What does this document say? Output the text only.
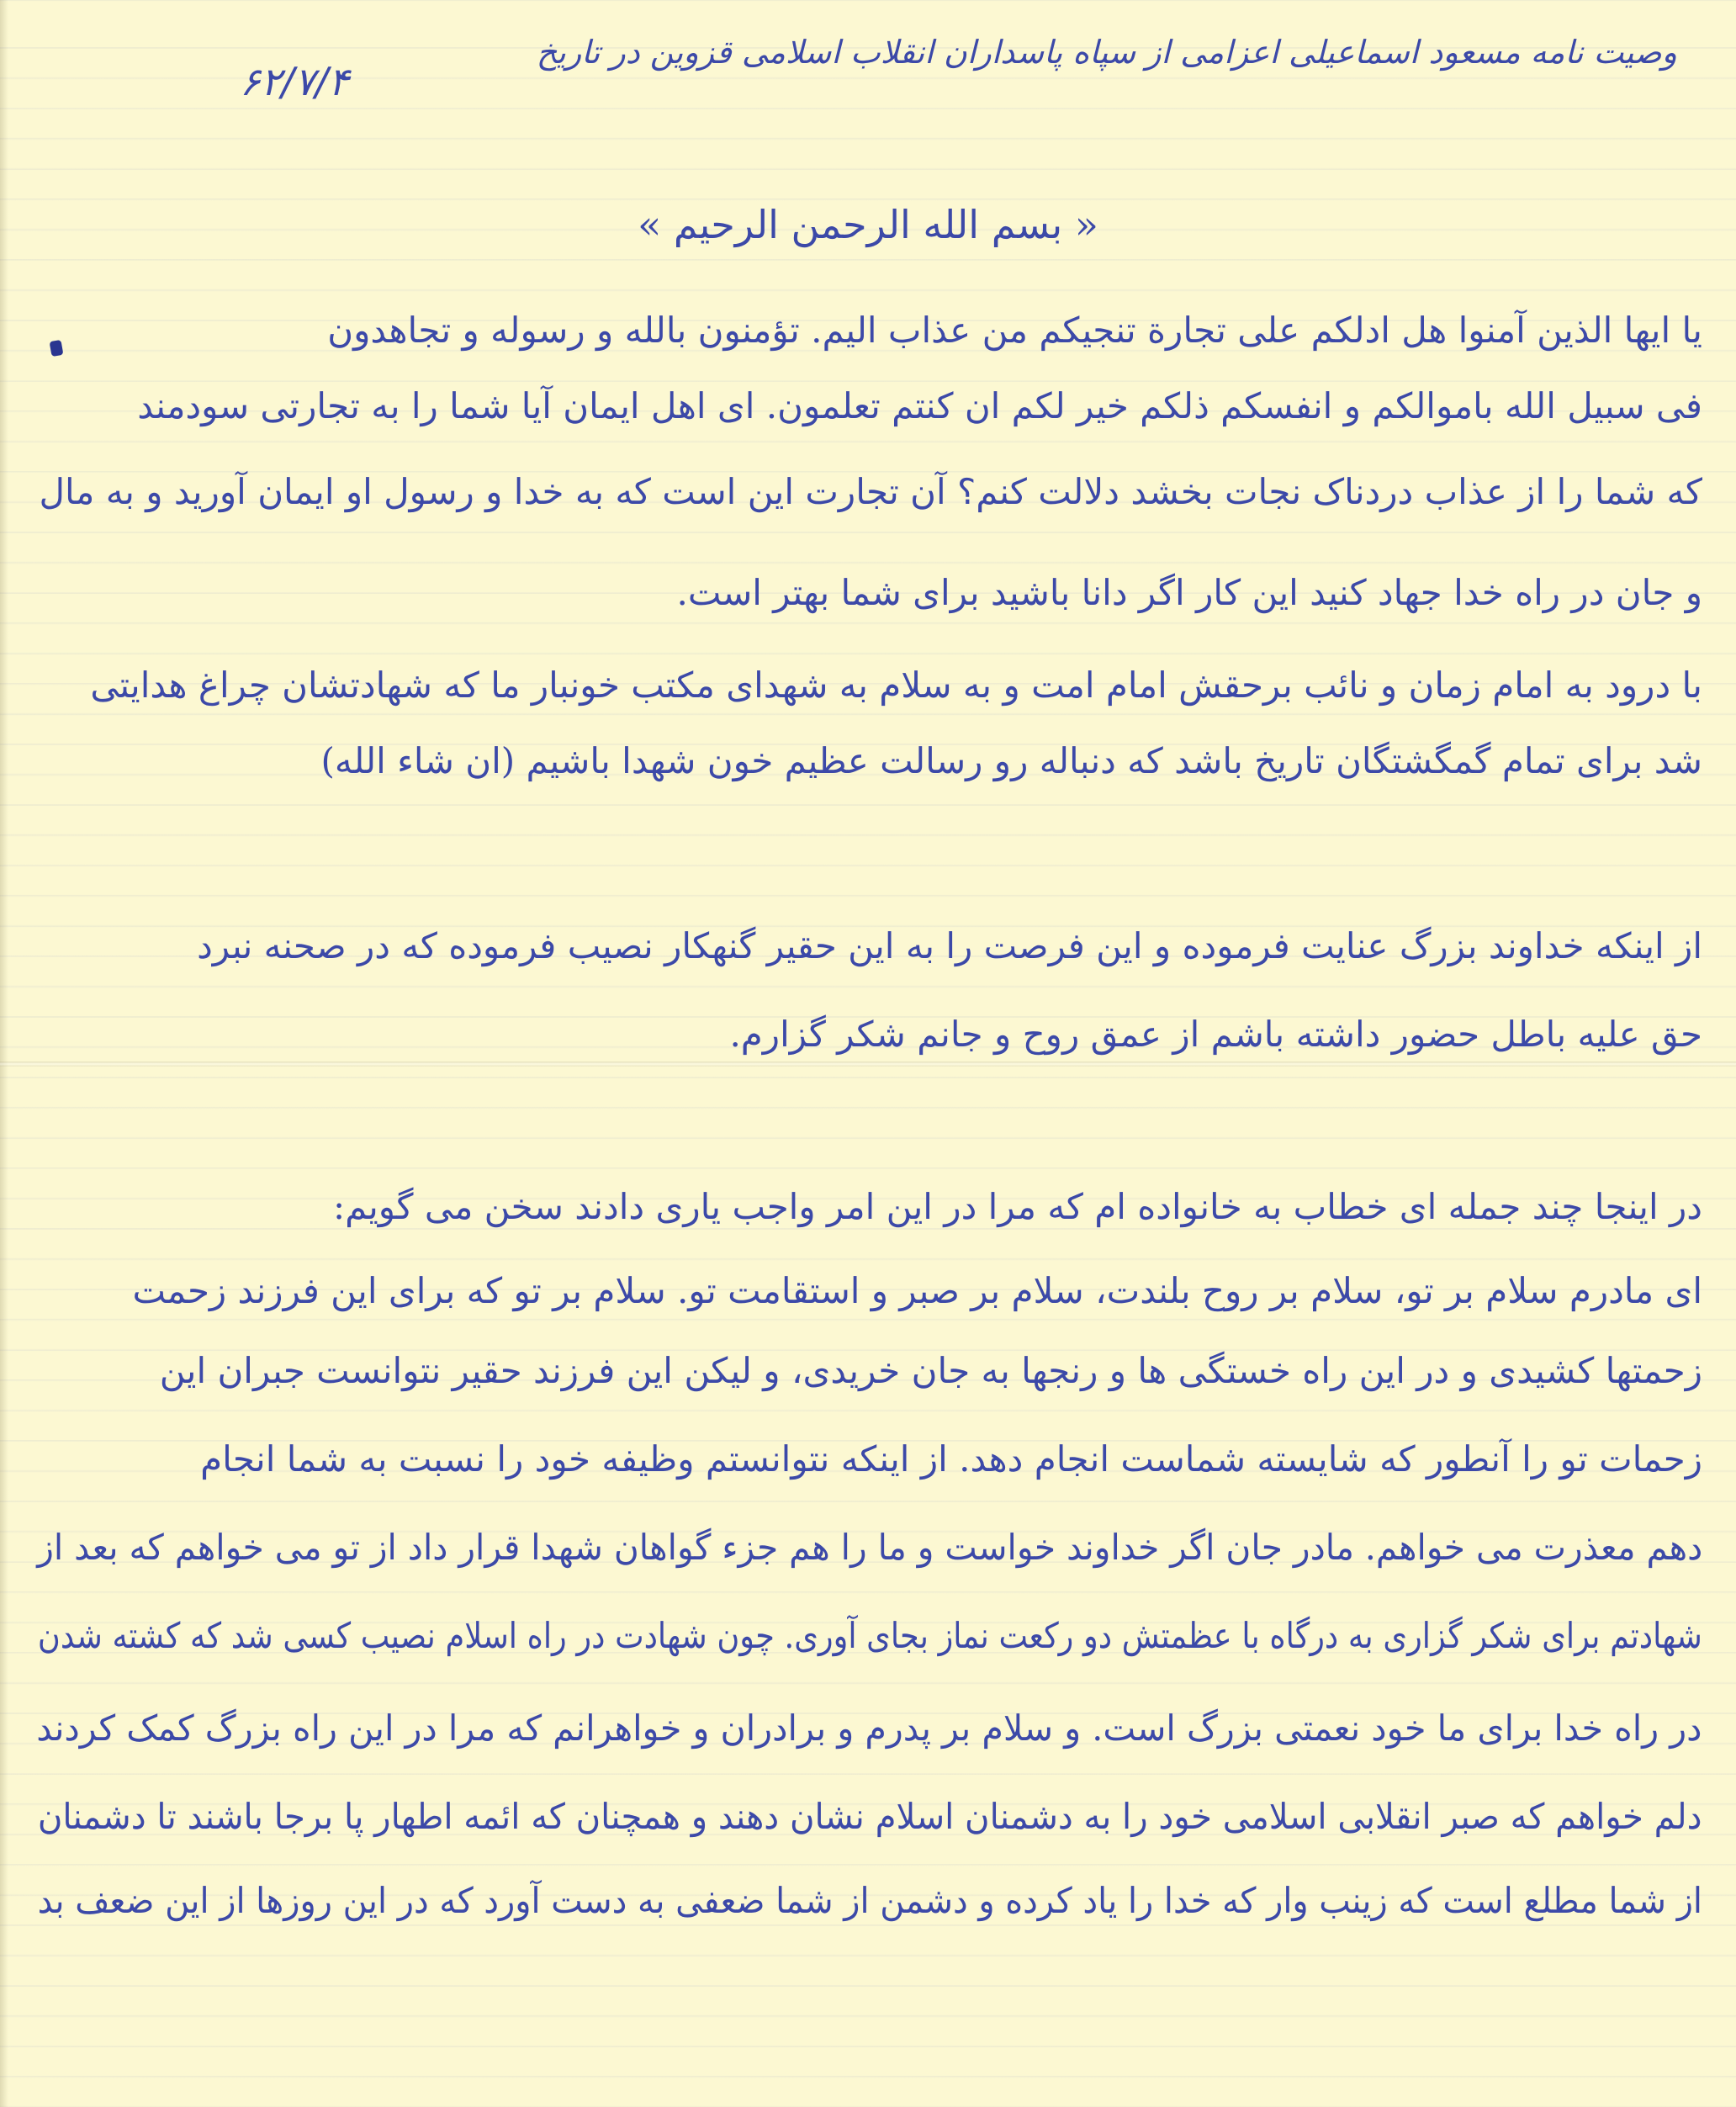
وصیت نامه مسعود اسماعیلی اعزامی از سپاه پاسداران انقلاب اسلامی قزوین در تاریخ
۶۲/۷/۴
« بسم الله الرحمن الرحیم »
یا ایها الذین آمنوا هل ادلکم علی تجارة تنجیکم من عذاب الیم. تؤمنون بالله و رسوله و تجاهدون
فی سبیل الله باموالکم و انفسکم ذلکم خیر لکم ان کنتم تعلمون. ای اهل ایمان آیا شما را به تجارتی سودمند
که شما را از عذاب دردناک نجات بخشد دلالت کنم؟ آن تجارت این است که به خدا و رسول او ایمان آورید و به مال
و جان در راه خدا جهاد کنید این کار اگر دانا باشید برای شما بهتر است.
با درود به امام زمان و نائب برحقش امام امت و به سلام به شهدای مکتب خونبار ما که شهادتشان چراغ هدایتی
شد برای تمام گمگشتگان تاریخ باشد که دنباله رو رسالت عظیم خون شهدا باشیم (ان شاء الله)
از اینکه خداوند بزرگ عنایت فرموده و این فرصت را به این حقیر گنهکار نصیب فرموده که در صحنه نبرد
حق علیه باطل حضور داشته باشم از عمق روح و جانم شکر گزارم.
در اینجا چند جمله ای خطاب به خانواده ام که مرا در این امر واجب یاری دادند سخن می گویم:
ای مادرم سلام بر تو، سلام بر روح بلندت، سلام بر صبر و استقامت تو. سلام بر تو که برای این فرزند زحمت
زحمتها کشیدی و در این راه خستگی ها و رنجها به جان خریدی، و لیکن این فرزند حقیر نتوانست جبران این
زحمات تو را آنطور که شایسته شماست انجام دهد. از اینکه نتوانستم وظیفه خود را نسبت به شما انجام
دهم معذرت می خواهم. مادر جان اگر خداوند خواست و ما را هم جزء گواهان شهدا قرار داد از تو می خواهم که بعد از
شهادتم برای شکر گزاری به درگاه با عظمتش دو رکعت نماز بجای آوری. چون شهادت در راه اسلام نصیب کسی شد که کشته شدن
در راه خدا برای ما خود نعمتی بزرگ است. و سلام بر پدرم و برادران و خواهرانم که مرا در این راه بزرگ کمک کردند
دلم خواهم که صبر انقلابی اسلامی خود را به دشمنان اسلام نشان دهند و همچنان که ائمه اطهار پا برجا باشند تا دشمنان
از شما مطلع است که زینب وار که خدا را یاد کرده و دشمن از شما ضعفی به دست آورد که در این روزها از این ضعف بد
